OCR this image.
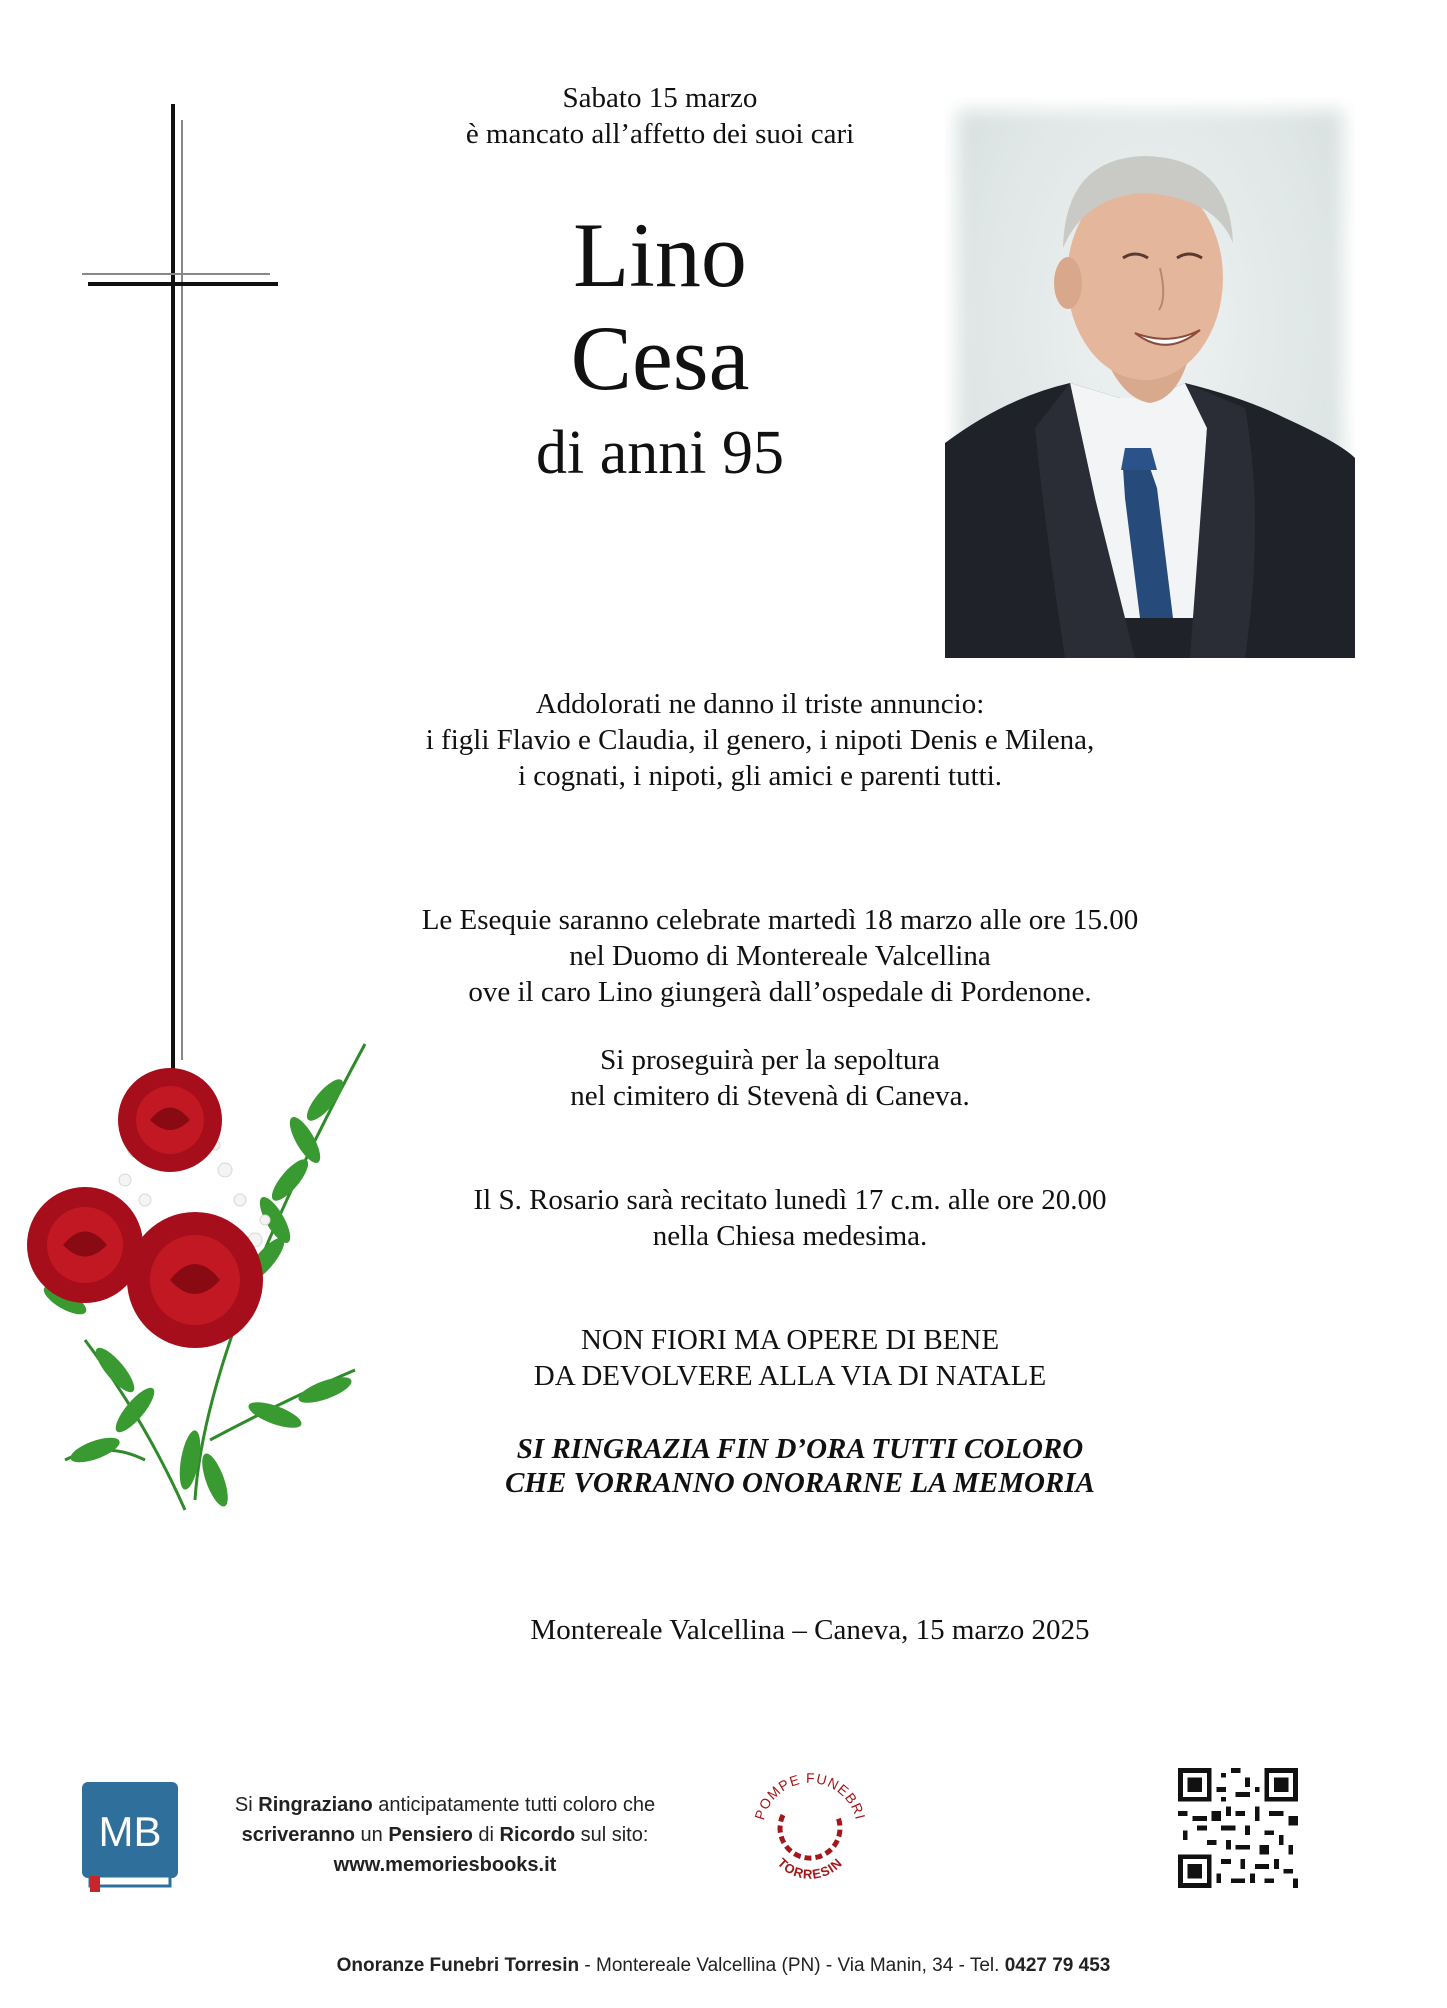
Sabato 15 marzo
è mancato all’affetto dei suoi cari
Lino
Cesa
di anni 95
Addolorati ne danno il triste annuncio:
i figli Flavio e Claudia, il genero, i nipoti Denis e Milena,
i cognati, i nipoti, gli amici e parenti tutti.
Le Esequie saranno celebrate martedì 18 marzo alle ore 15.00
nel Duomo di Montereale Valcellina
ove il caro Lino giungerà dall’ospedale di Pordenone.
Si proseguirà per la sepoltura
nel cimitero di Stevenà di Caneva.
Il S. Rosario sarà recitato lunedì 17 c.m. alle ore 20.00
nella Chiesa medesima.
NON FIORI MA OPERE DI BENE
DA DEVOLVERE ALLA VIA DI NATALE
SI RINGRAZIA FIN D’ORA TUTTI COLORO
CHE VORRANNO ONORARNE LA MEMORIA
Montereale Valcellina – Caneva, 15 marzo 2025
MB
Si Ringraziano anticipatamente tutti coloro che
scriveranno un Pensiero di Ricordo sul sito:
www.memoriesbooks.it
POMPE FUNEBRI
TORRESIN
Onoranze Funebri Torresin - Montereale Valcellina (PN) - Via Manin, 34 - Tel. 0427 79 453
